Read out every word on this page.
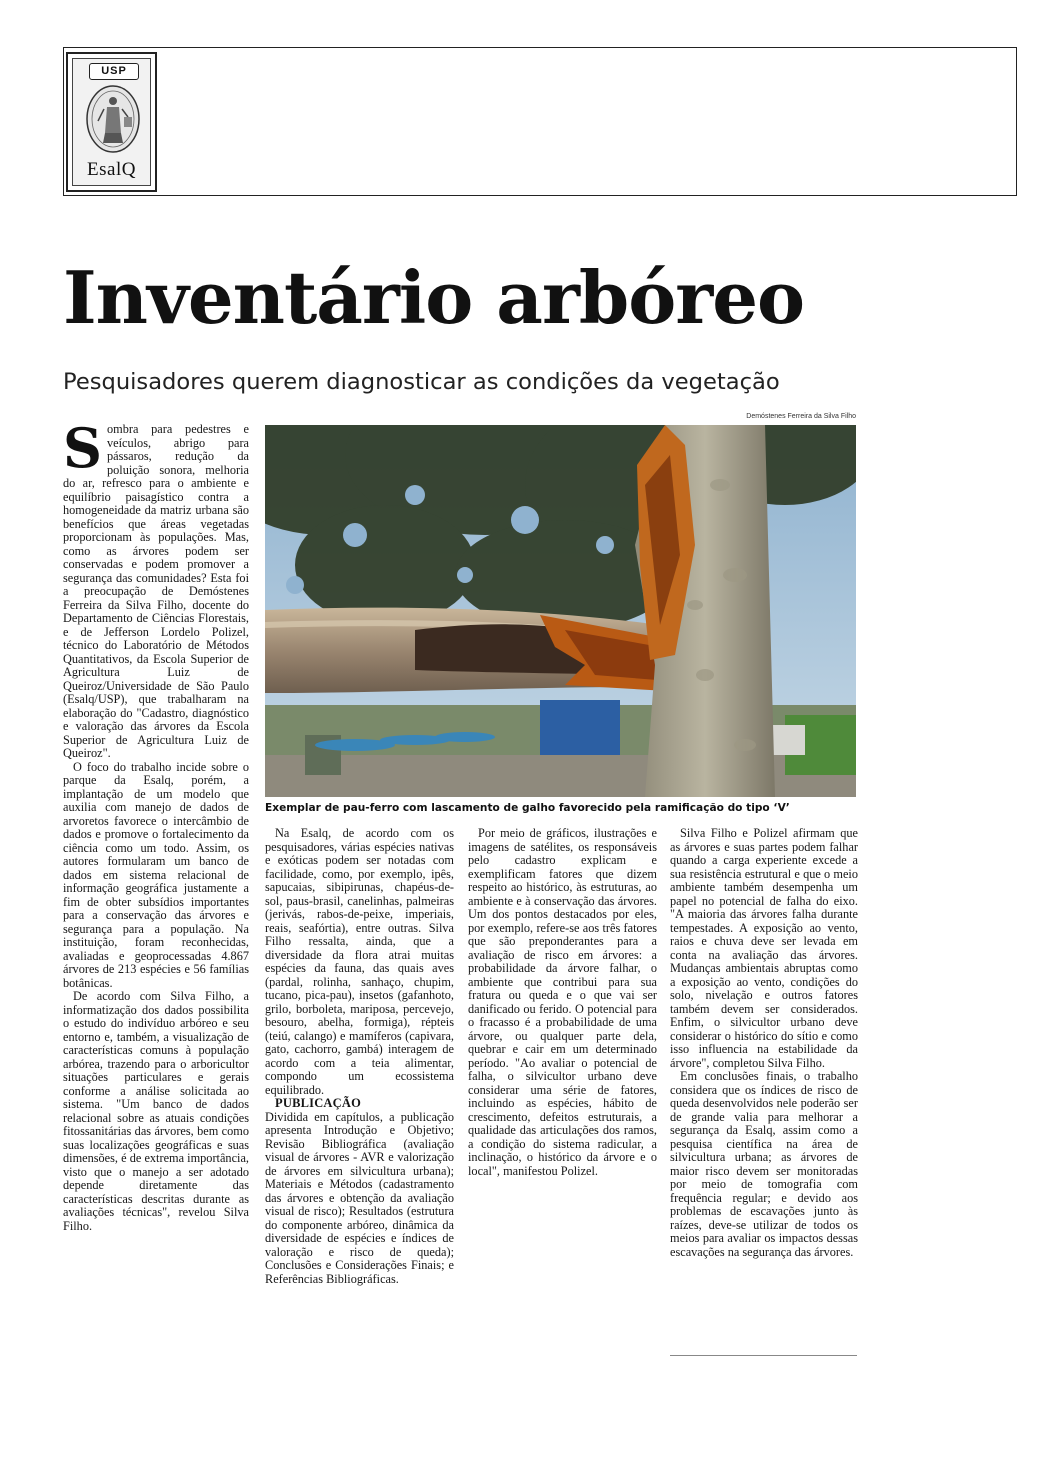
USP
EsalQ
Inventário arbóreo
Pesquisadores querem diagnosticar as condições da vegetação
Demóstenes Ferreira da Silva Filho
Exemplar de pau-ferro com lascamento de galho favorecido pela ramificação do tipo ‘V’

Sombra para pedestres e veículos, abrigo para pássaros, redução da poluição sonora, melhoria do ar, refresco para o ambiente e equilíbrio paisagístico contra a homogeneidade da matriz urbana são benefícios que áreas vegetadas proporcionam às populações. Mas, como as árvores podem ser conservadas e podem promover a segurança das comunidades? Esta foi a preocupação de Demóstenes Ferreira da Silva Filho, docente do Departamento de Ciências Florestais, e de Jefferson Lordelo Polizel, técnico do Laboratório de Métodos Quantitativos, da Escola Superior de Agricultura Luiz de Queiroz/Universidade de São Paulo (Esalq/USP), que trabalharam na elaboração do "Cadastro, diagnóstico e valoração das árvores da Escola Superior de Agricultura Luiz de Queiroz".

O foco do trabalho incide sobre o parque da Esalq, porém, a implantação de um modelo que auxilia com manejo de dados de arvoretos favorece o intercâmbio de dados e promove o fortalecimento da ciência como um todo. Assim, os autores formularam um banco de dados em sistema relacional de informação geográfica justamente a fim de obter subsídios importantes para a conservação das árvores e segurança para a população. Na instituição, foram reconhecidas, avaliadas e geoprocessadas 4.867 árvores de 213 espécies e 56 famílias botânicas.

De acordo com Silva Filho, a informatização dos dados possibilita o estudo do indivíduo arbóreo e seu entorno e, também, a visualização de características comuns à população arbórea, trazendo para o arboricultor situações particulares e gerais conforme a análise solicitada ao sistema. "Um banco de dados relacional sobre as atuais condições fitossanitárias das árvores, bem como suas localizações geográficas e suas dimensões, é de extrema importância, visto que o manejo a ser adotado depende diretamente das características descritas durante as avaliações técnicas", revelou Silva Filho.

Na Esalq, de acordo com os pesquisadores, várias espécies nativas e exóticas podem ser notadas com facilidade, como, por exemplo, ipês, sapucaias, sibipirunas, chapéus-de-sol, paus-brasil, canelinhas, palmeiras (jerivás, rabos-de-peixe, imperiais, reais, seafórtia), entre outras. Silva Filho ressalta, ainda, que a diversidade da flora atrai muitas espécies da fauna, das quais aves (pardal, rolinha, sanhaço, chupim, tucano, pica-pau), insetos (gafanhoto, grilo, borboleta, mariposa, percevejo, besouro, abelha, formiga), répteis (teiú, calango) e mamíferos (capivara, gato, cachorro, gambá) interagem de acordo com a teia alimentar, compondo um ecossistema equilibrado.

PUBLICAÇÃO

Dividida em capítulos, a publicação apresenta Introdução e Objetivo; Revisão Bibliográfica (avaliação visual de árvores - AVR e valorização de árvores em silvicultura urbana); Materiais e Métodos (cadastramento das árvores e obtenção da avaliação visual de risco); Resultados (estrutura do componente arbóreo, dinâmica da diversidade de espécies e índices de valoração e risco de queda); Conclusões e Considerações Finais; e Referências Bibliográficas.

Por meio de gráficos, ilustrações e imagens de satélites, os responsáveis pelo cadastro explicam e exemplificam fatores que dizem respeito ao histórico, às estruturas, ao ambiente e à conservação das árvores. Um dos pontos destacados por eles, por exemplo, refere-se aos três fatores que são preponderantes para a avaliação de risco em árvores: a probabilidade da árvore falhar, o ambiente que contribui para sua fratura ou queda e o que vai ser danificado ou ferido. O potencial para o fracasso é a probabilidade de uma árvore, ou qualquer parte dela, quebrar e cair em um determinado período. "Ao avaliar o potencial de falha, o silvicultor urbano deve considerar uma série de fatores, incluindo as espécies, hábito de crescimento, defeitos estruturais, a qualidade das articulações dos ramos, a condição do sistema radicular, a inclinação, o histórico da árvore e o local", manifestou Polizel.

Silva Filho e Polizel afirmam que as árvores e suas partes podem falhar quando a carga experiente excede a sua resistência estrutural e que o meio ambiente também desempenha um papel no potencial de falha do eixo. "A maioria das árvores falha durante tempestades. A exposição ao vento, raios e chuva deve ser levada em conta na avaliação das árvores. Mudanças ambientais abruptas como a exposição ao vento, condições do solo, nivelação e outros fatores também devem ser considerados. Enfim, o silvicultor urbano deve considerar o histórico do sítio e como isso influencia na estabilidade da árvore", completou Silva Filho.

Em conclusões finais, o trabalho considera que os índices de risco de queda desenvolvidos nele poderão ser de grande valia para melhorar a segurança da Esalq, assim como a pesquisa científica na área de silvicultura urbana; as árvores de maior risco devem ser monitoradas por meio de tomografia com frequência regular; e devido aos problemas de escavações junto às raízes, deve-se utilizar de todos os meios para avaliar os impactos dessas escavações na segurança das árvores.
